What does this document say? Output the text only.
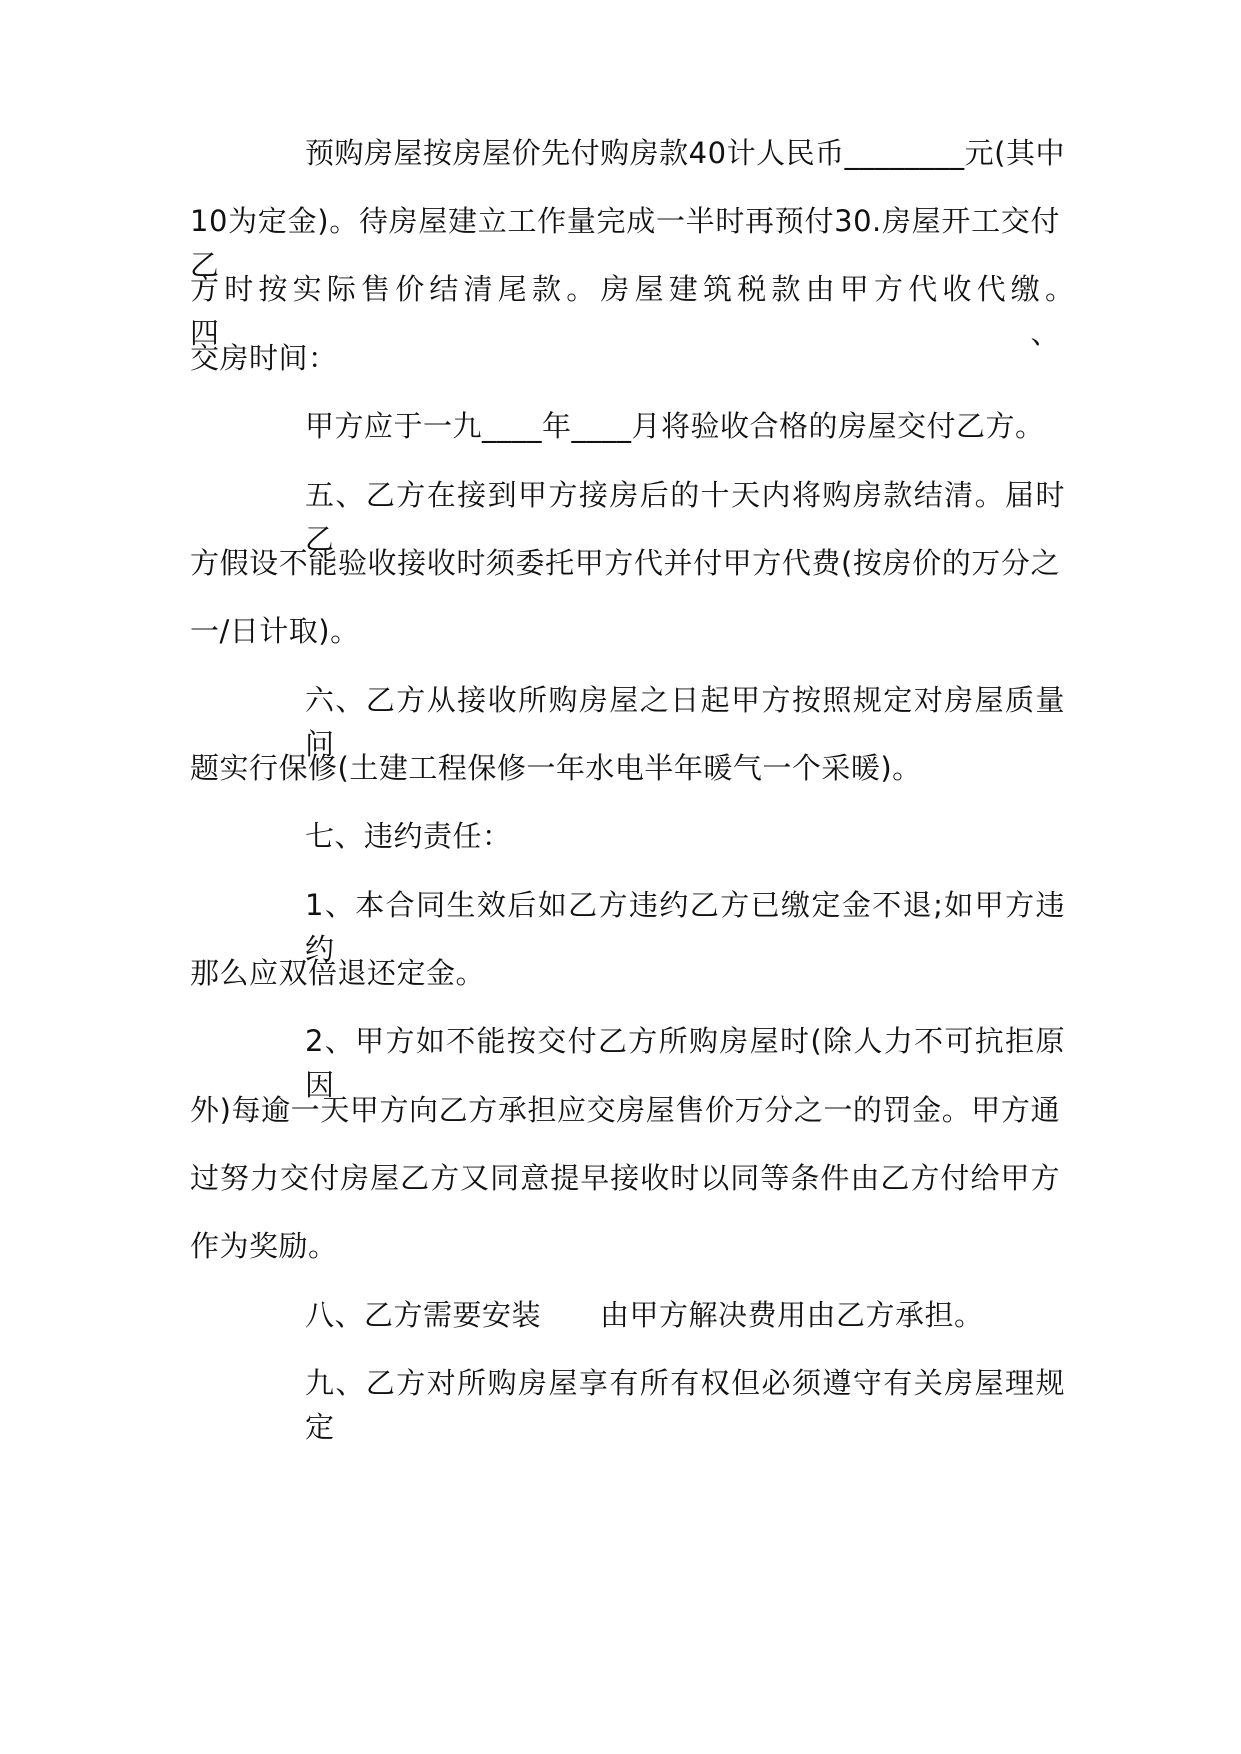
预购房屋按房屋价先付购房款40计人民币________元(其中
10为定金)。待房屋建立工作量完成一半时再预付30.房屋开工交付乙
方时按实际售价结清尾款。房屋建筑税款由甲方代收代缴。　　　四、
交房时间：
甲方应于一九____年____月将验收合格的房屋交付乙方。
五、乙方在接到甲方接房后的十天内将购房款结清。届时乙
方假设不能验收接收时须委托甲方代并付甲方代费(按房价的万分之
一/日计取)。
六、乙方从接收所购房屋之日起甲方按照规定对房屋质量问
题实行保修(土建工程保修一年水电半年暖气一个采暖)。
七、违约责任：
1、本合同生效后如乙方违约乙方已缴定金不退;如甲方违约
那么应双倍退还定金。
2、甲方如不能按交付乙方所购房屋时(除人力不可抗拒原因
外)每逾一天甲方向乙方承担应交房屋售价万分之一的罚金。甲方通
过努力交付房屋乙方又同意提早接收时以同等条件由乙方付给甲方
作为奖励。
八、乙方需要安装　　由甲方解决费用由乙方承担。
九、乙方对所购房屋享有所有权但必须遵守有关房屋理规定
